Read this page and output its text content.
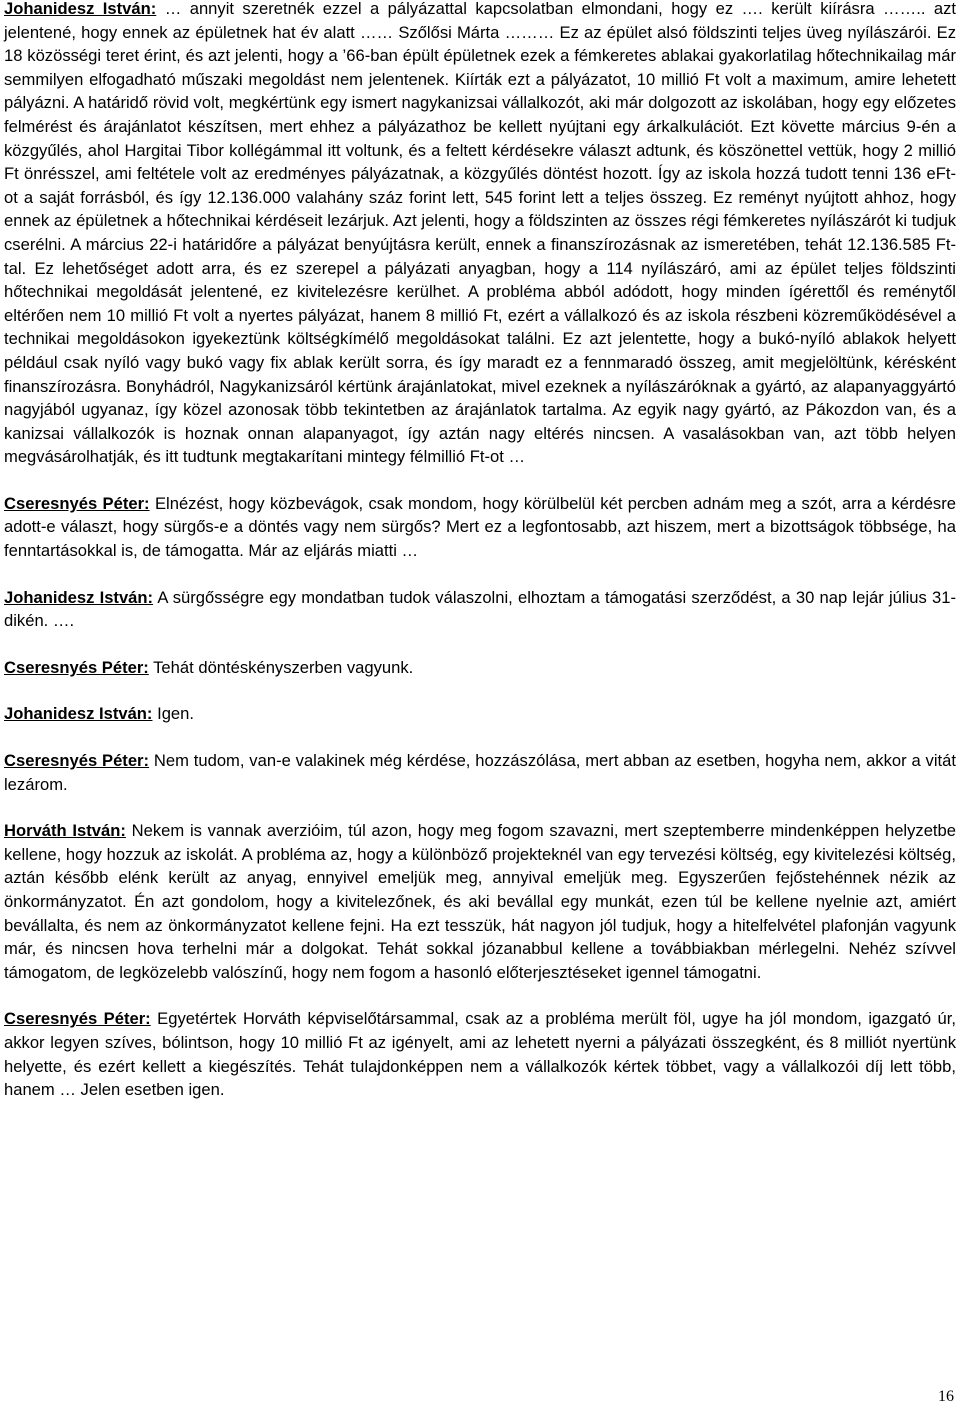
Johanidesz István: … annyit szeretnék ezzel a pályázattal kapcsolatban elmondani, hogy ez …. került kiírásra …….. azt jelentené, hogy ennek az épületnek hat év alatt …… Szőlősi Márta ……… Ez az épület alsó földszinti teljes üveg nyílászárói. Ez 18 közösségi teret érint, és azt jelenti, hogy a ’66-ban épült épületnek ezek a fémkeretes ablakai gyakorlatilag hőtechnikailag már semmilyen elfogadható műszaki megoldást nem jelentenek. Kiírták ezt a pályázatot, 10 millió Ft volt a maximum, amire lehetett pályázni. A határidő rövid volt, megkértünk egy ismert nagykanizsai vállalkozót, aki már dolgozott az iskolában, hogy egy előzetes felmérést és árajánlatot készítsen, mert ehhez a pályázathoz be kellett nyújtani egy árkalkulációt. Ezt követte március 9-én a közgyűlés, ahol Hargitai Tibor kollégámmal itt voltunk, és a feltett kérdésekre választ adtunk, és köszönettel vettük, hogy 2 millió Ft önrésszel, ami feltétele volt az eredményes pályázatnak, a közgyűlés döntést hozott. Így az iskola hozzá tudott tenni 136 eFt-ot a saját forrásból, és így 12.136.000 valahány száz forint lett, 545 forint lett a teljes összeg. Ez reményt nyújtott ahhoz, hogy ennek az épületnek a hőtechnikai kérdéseit lezárjuk. Azt jelenti, hogy a földszinten az összes régi fémkeretes nyílászárót ki tudjuk cserélni. A március 22-i határidőre a pályázat benyújtásra került, ennek a finanszírozásnak az ismeretében, tehát 12.136.585 Ft-tal. Ez lehetőséget adott arra, és ez szerepel a pályázati anyagban, hogy a 114 nyílászáró, ami az épület teljes földszinti hőtechnikai megoldását jelentené, ez kivitelezésre kerülhet. A probléma abból adódott, hogy minden ígérettől és reménytől eltérően nem 10 millió Ft volt a nyertes pályázat, hanem 8 millió Ft, ezért a vállalkozó és az iskola részbeni közreműködésével a technikai megoldásokon igyekeztünk költségkímélő megoldásokat találni. Ez azt jelentette, hogy a bukó-nyíló ablakok helyett például csak nyíló vagy bukó vagy fix ablak került sorra, és így maradt ez a fennmaradó összeg, amit megjelöltünk, kérésként finanszírozásra. Bonyhádról, Nagykanizsáról kértünk árajánlatokat, mivel ezeknek a nyílászáróknak a gyártó, az alapanyaggyártó nagyjából ugyanaz, így közel azonosak több tekintetben az árajánlatok tartalma. Az egyik nagy gyártó, az Pákozdon van, és a kanizsai vállalkozók is hoznak onnan alapanyagot, így aztán nagy eltérés nincsen. A vasalásokban van, azt több helyen megvásárolhatják, és itt tudtunk megtakarítani mintegy félmillió Ft-ot …

Cseresnyés Péter: Elnézést, hogy közbevágok, csak mondom, hogy körülbelül két percben adnám meg a szót, arra a kérdésre adott-e választ, hogy sürgős-e a döntés vagy nem sürgős? Mert ez a legfontosabb, azt hiszem, mert a bizottságok többsége, ha fenntartásokkal is, de támogatta. Már az eljárás miatti …

Johanidesz István: A sürgősségre egy mondatban tudok válaszolni, elhoztam a támogatási szerződést, a 30 nap lejár július 31-dikén. ….

Cseresnyés Péter: Tehát döntéskényszerben vagyunk.

Johanidesz István: Igen.

Cseresnyés Péter: Nem tudom, van-e valakinek még kérdése, hozzászólása, mert abban az esetben, hogyha nem, akkor a vitát lezárom.

Horváth István: Nekem is vannak averzióim, túl azon, hogy meg fogom szavazni, mert szeptemberre mindenképpen helyzetbe kellene, hogy hozzuk az iskolát. A probléma az, hogy a különböző projekteknél van egy tervezési költség, egy kivitelezési költség, aztán később elénk került az anyag, ennyivel emeljük meg, annyival emeljük meg. Egyszerűen fejőstehénnek nézik az önkormányzatot. Én azt gondolom, hogy a kivitelezőnek, és aki bevállal egy munkát, ezen túl be kellene nyelnie azt, amiért bevállalta, és nem az önkormányzatot kellene fejni. Ha ezt tesszük, hát nagyon jól tudjuk, hogy a hitelfelvétel plafonján vagyunk már, és nincsen hova terhelni már a dolgokat. Tehát sokkal józanabbul kellene a továbbiakban mérlegelni. Nehéz szívvel támogatom, de legközelebb valószínű, hogy nem fogom a hasonló előterjesztéseket igennel támogatni.

Cseresnyés Péter: Egyetértek Horváth képviselőtársammal, csak az a probléma merült föl, ugye ha jól mondom, igazgató úr, akkor legyen szíves, bólintson, hogy 10 millió Ft az igényelt, ami az lehetett nyerni a pályázati összegként, és 8 milliót nyertünk helyette, és ezért kellett a kiegészítés. Tehát tulajdonképpen nem a vállalkozók kértek többet, vagy a vállalkozói díj lett több, hanem … Jelen esetben igen.

16
